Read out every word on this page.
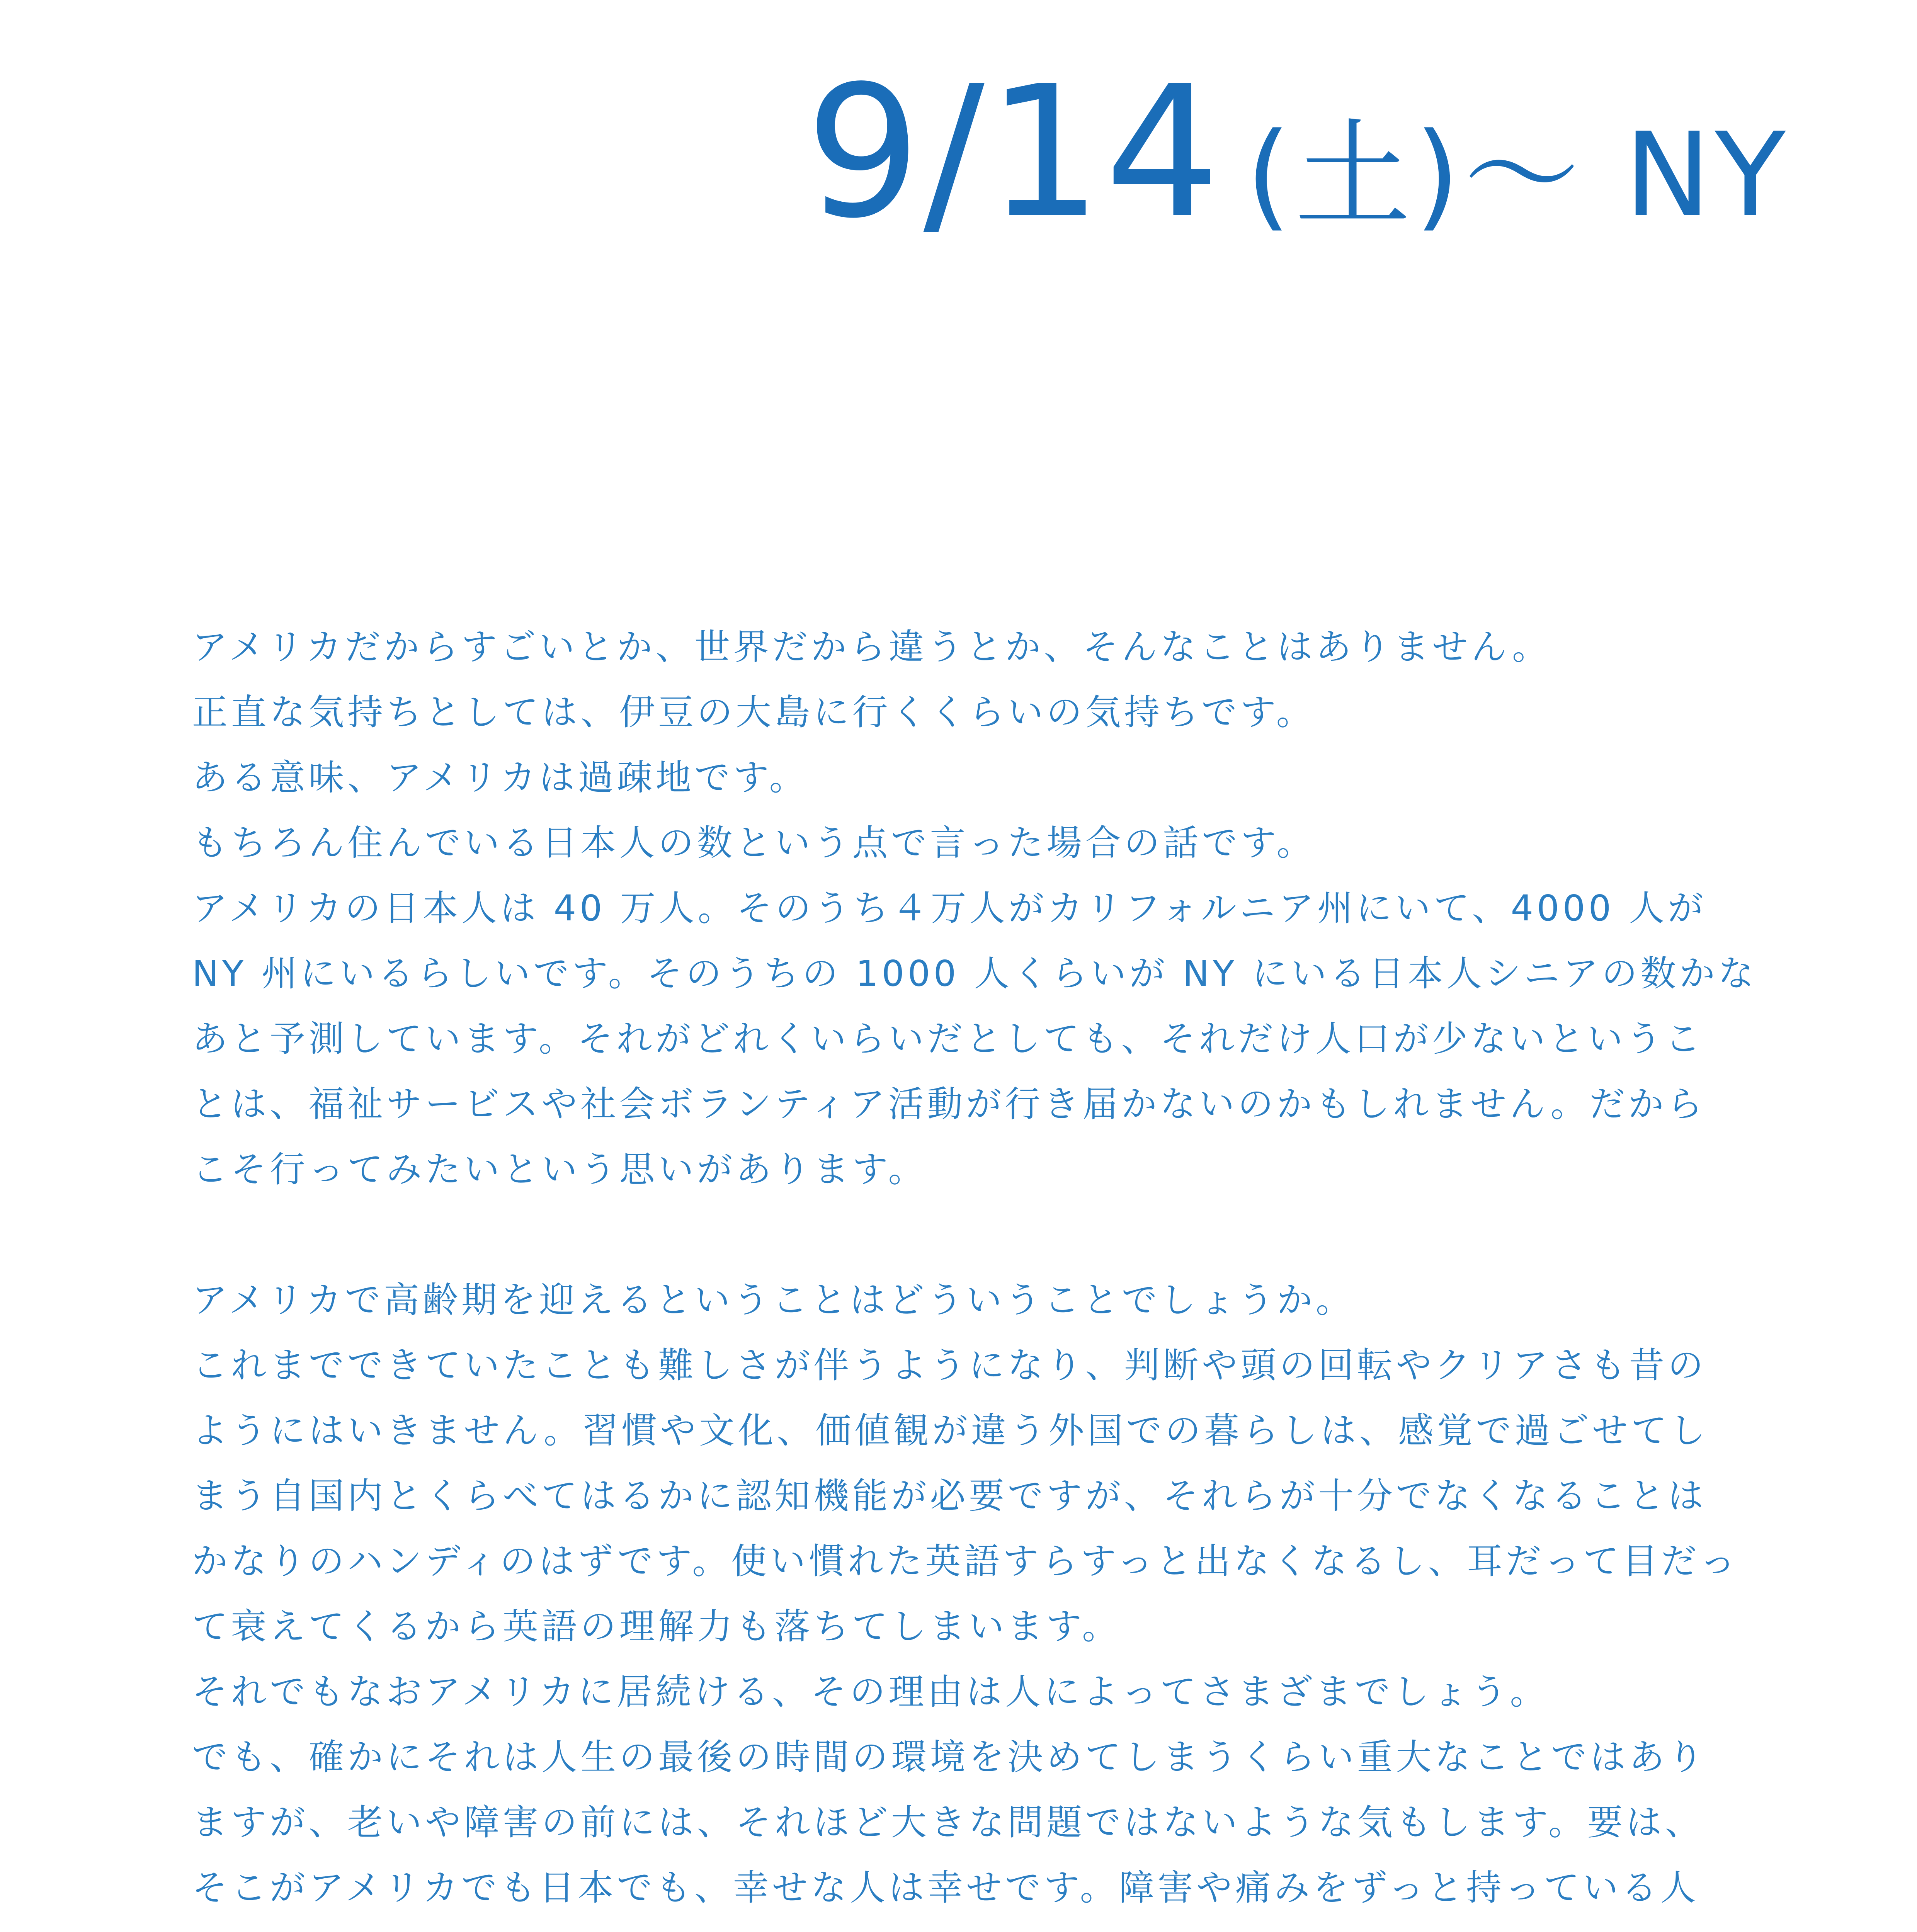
9/14 (土)～ NY
アメリカだからすごいとか、世界だから違うとか、そんなことはありません。
正直な気持ちとしては、伊豆の大島に行くくらいの気持ちです。
ある意味、アメリカは過疎地です。
もちろん住んでいる日本人の数という点で言った場合の話です。
アメリカの日本人は 40 万人。そのうち４万人がカリフォルニア州にいて、4000 人が
NY 州にいるらしいです。そのうちの 1000 人くらいが NY にいる日本人シニアの数かな
あと予測しています。それがどれくいらいだとしても、それだけ人口が少ないというこ
とは、福祉サービスや社会ボランティア活動が行き届かないのかもしれません。だから
こそ行ってみたいという思いがあります。
アメリカで高齢期を迎えるということはどういうことでしょうか。
これまでできていたことも難しさが伴うようになり、判断や頭の回転やクリアさも昔の
ようにはいきません。習慣や文化、価値観が違う外国での暮らしは、感覚で過ごせてし
まう自国内とくらべてはるかに認知機能が必要ですが、それらが十分でなくなることは
かなりのハンディのはずです。使い慣れた英語すらすっと出なくなるし、耳だって目だっ
て衰えてくるから英語の理解力も落ちてしまいます。
それでもなおアメリカに居続ける、その理由は人によってさまざまでしょう。
でも、確かにそれは人生の最後の時間の環境を決めてしまうくらい重大なことではあり
ますが、老いや障害の前には、それほど大きな問題ではないような気もします。要は、
そこがアメリカでも日本でも、幸せな人は幸せです。障害や痛みをずっと持っている人
